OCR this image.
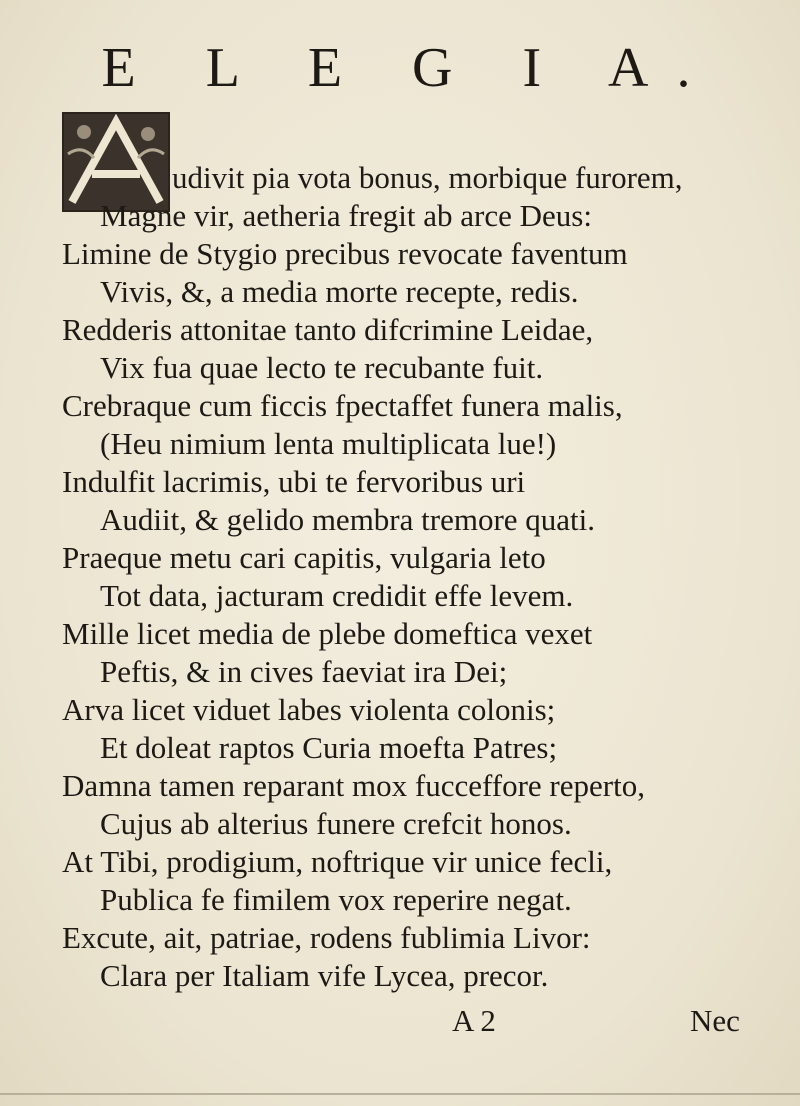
E L E G I A.
udivit pia vota bonus, morbique furorem,
Magne vir, aetheria fregit ab arce Deus:
Limine de Stygio precibus revocate faventum
Vivis, &, a media morte recepte, redis.
Redderis attonitae tanto difcrimine Leidae,
Vix fua quae lecto te recubante fuit.
Crebraque cum ficcis fpectaffet funera malis,
(Heu nimium lenta multiplicata lue!)
Indulfit lacrimis, ubi te fervoribus uri
Audiit, & gelido membra tremore quati.
Praeque metu cari capitis, vulgaria leto
Tot data, jacturam credidit effe levem.
Mille licet media de plebe domeftica vexet
Peftis, & in cives faeviat ira Dei;
Arva licet viduet labes violenta colonis;
Et doleat raptos Curia moefta Patres;
Damna tamen reparant mox fucceffore reperto,
Cujus ab alterius funere crefcit honos.
At Tibi, prodigium, noftrique vir unice fecli,
Publica fe fimilem vox reperire negat.
Excute, ait, patriae, rodens fublimia Livor:
Clara per Italiam vife Lycea, precor.
A 2	Nec
